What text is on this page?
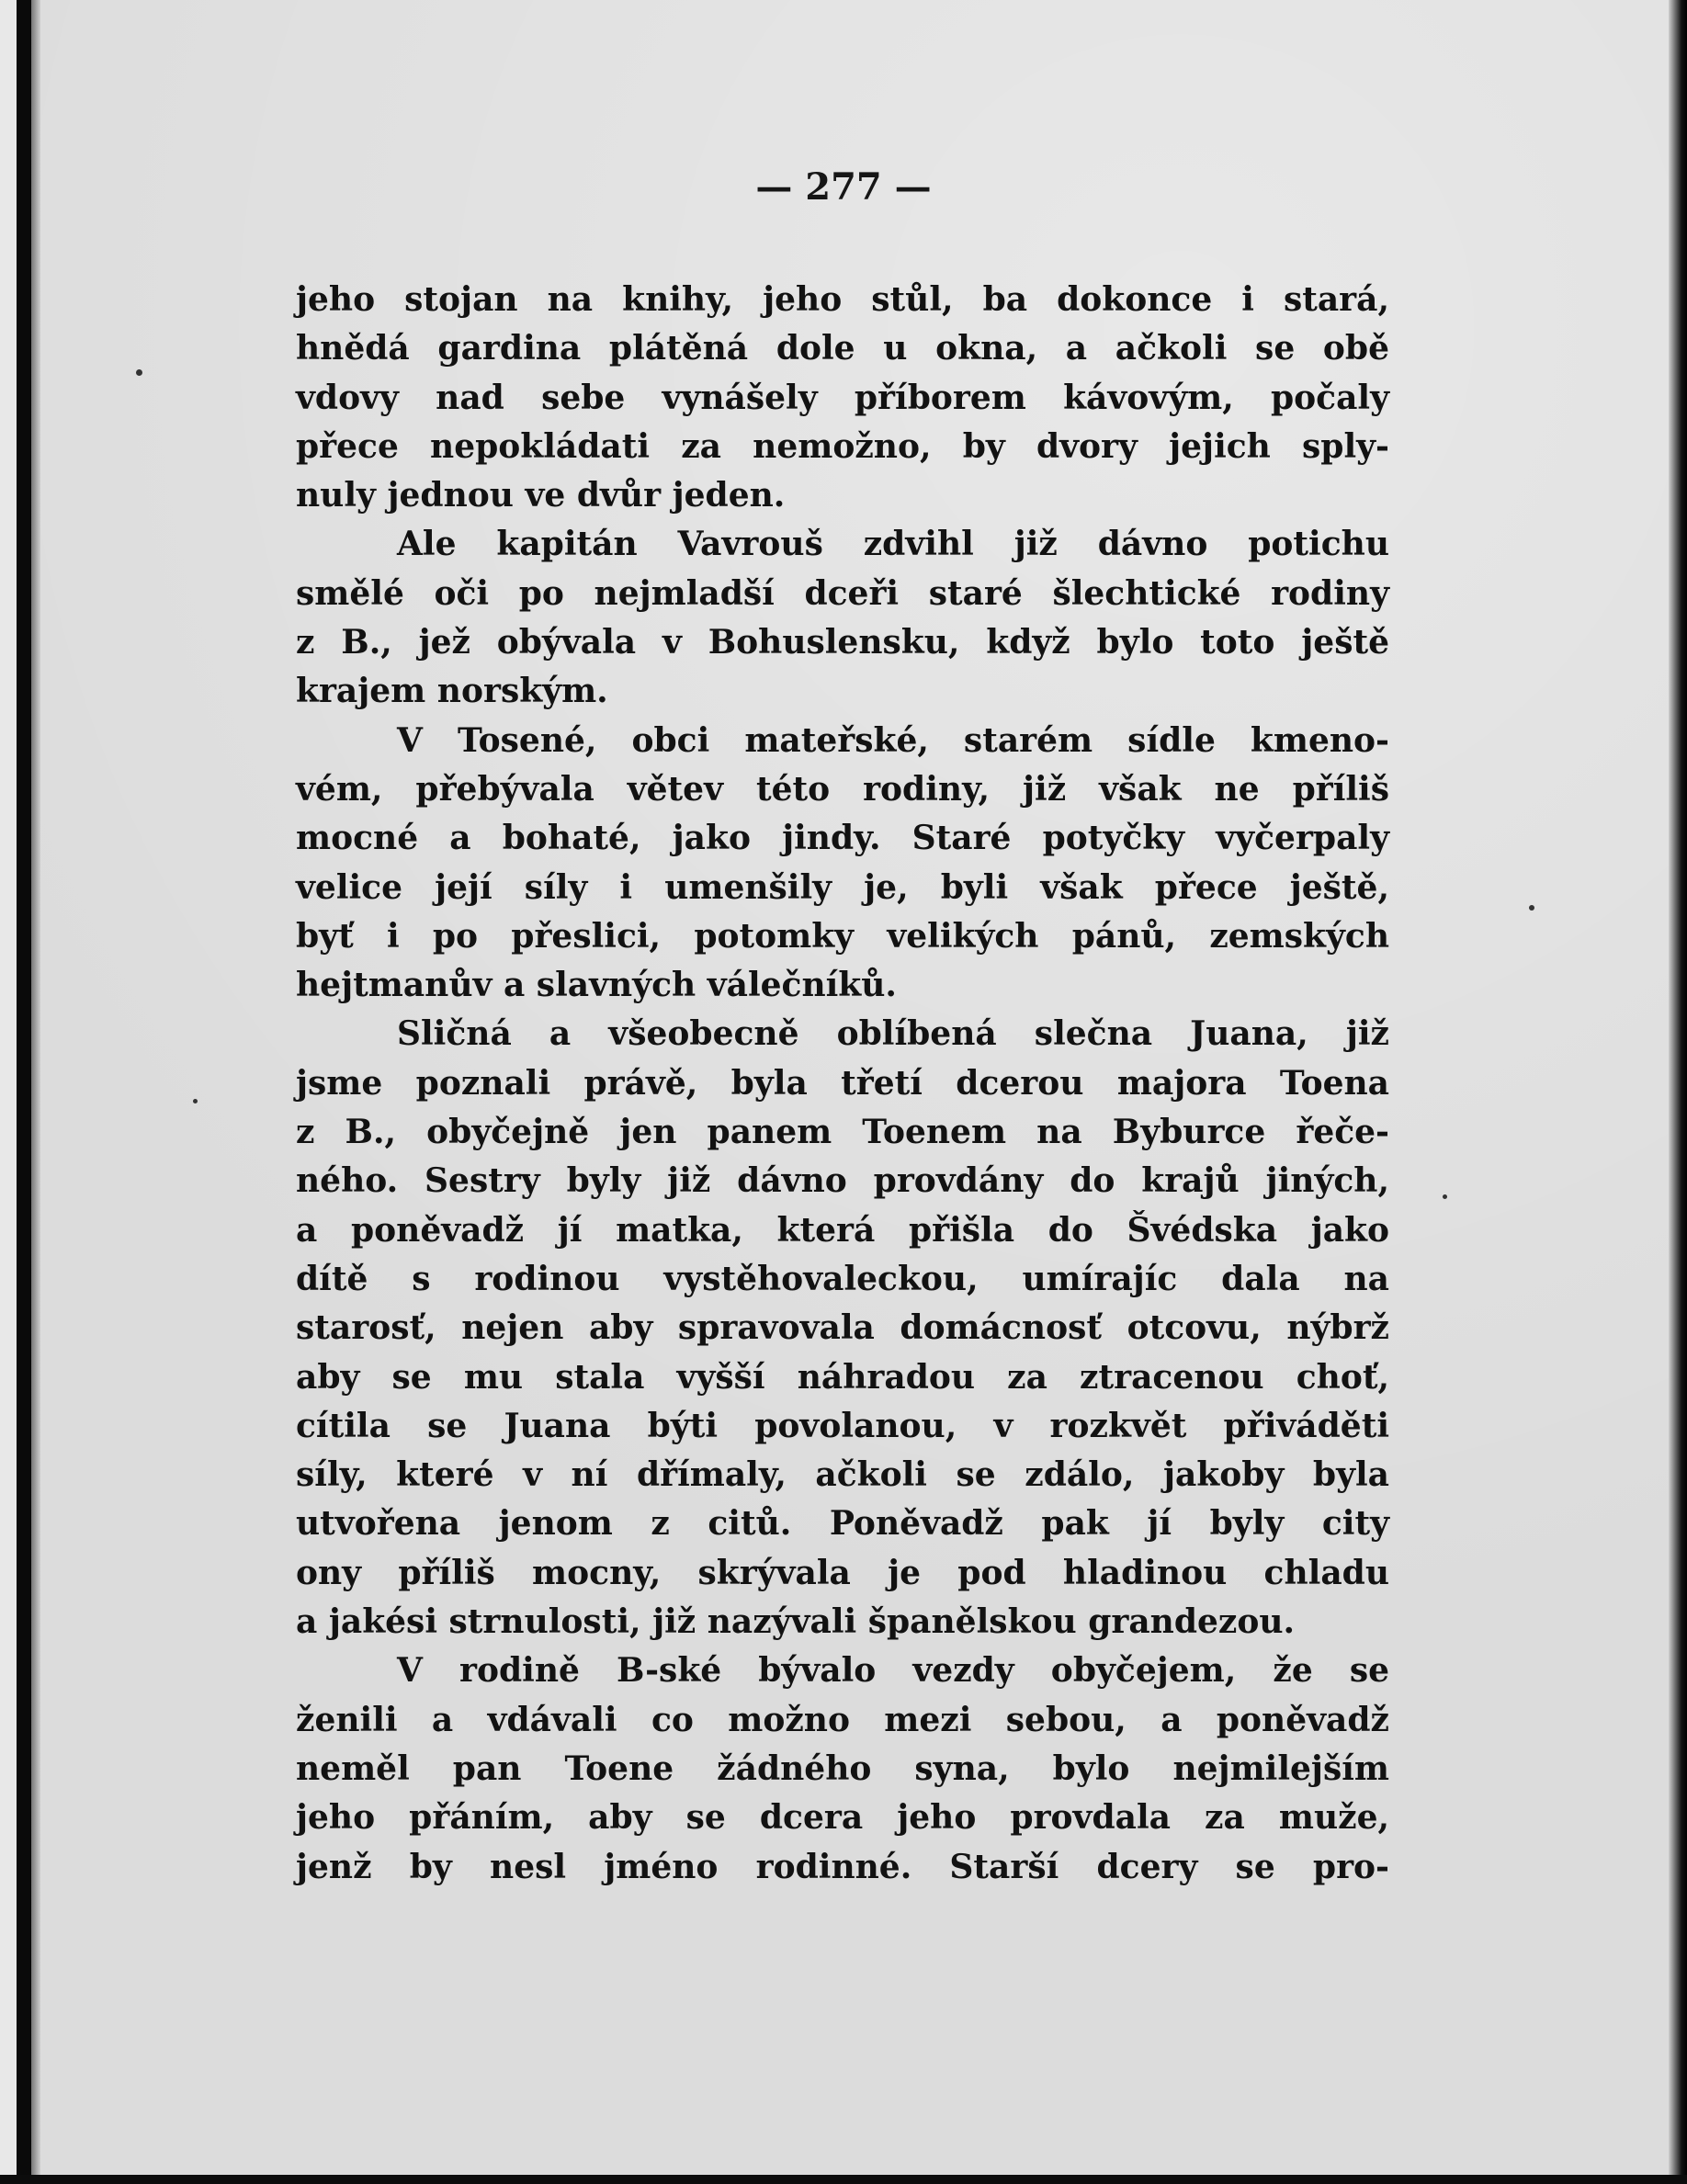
— 277 —
jeho stojan na knihy, jeho stůl, ba dokonce i stará,
hnědá gardina plátěná dole u okna, a ačkoli se obě
vdovy nad sebe vynášely příborem kávovým, počaly
přece nepokládati za nemožno, by dvory jejich sply-
nuly jednou ve dvůr jeden.
Ale kapitán Vavrouš zdvihl již dávno potichu
smělé oči po nejmladší dceři staré šlechtické rodiny
z B., jež obývala v Bohuslensku, když bylo toto ještě
krajem norským.
V Tosené, obci mateřské, starém sídle kmeno-
vém, přebývala větev této rodiny, již však ne příliš
mocné a bohaté, jako jindy. Staré potyčky vyčerpaly
velice její síly i umenšily je, byli však přece ještě,
byť i po přeslici, potomky velikých pánů, zemských
hejtmanův a slavných válečníků.
Sličná a všeobecně oblíbená slečna Juana, již
jsme poznali právě, byla třetí dcerou majora Toena
z B., obyčejně jen panem Toenem na Byburce řeče-
ného. Sestry byly již dávno provdány do krajů jiných,
a poněvadž jí matka, která přišla do Švédska jako
dítě s rodinou vystěhovaleckou, umírajíc dala na
starosť, nejen aby spravovala domácnosť otcovu, nýbrž
aby se mu stala vyšší náhradou za ztracenou choť,
cítila se Juana býti povolanou, v rozkvět přiváděti
síly, které v ní dřímaly, ačkoli se zdálo, jakoby byla
utvořena jenom z citů. Poněvadž pak jí byly city
ony příliš mocny, skrývala je pod hladinou chladu
a jakési strnulosti, již nazývali španělskou grandezou.
V rodině B-ské bývalo vezdy obyčejem, že se
ženili a vdávali co možno mezi sebou, a poněvadž
neměl pan Toene žádného syna, bylo nejmilejším
jeho přáním, aby se dcera jeho provdala za muže,
jenž by nesl jméno rodinné. Starší dcery se pro-
